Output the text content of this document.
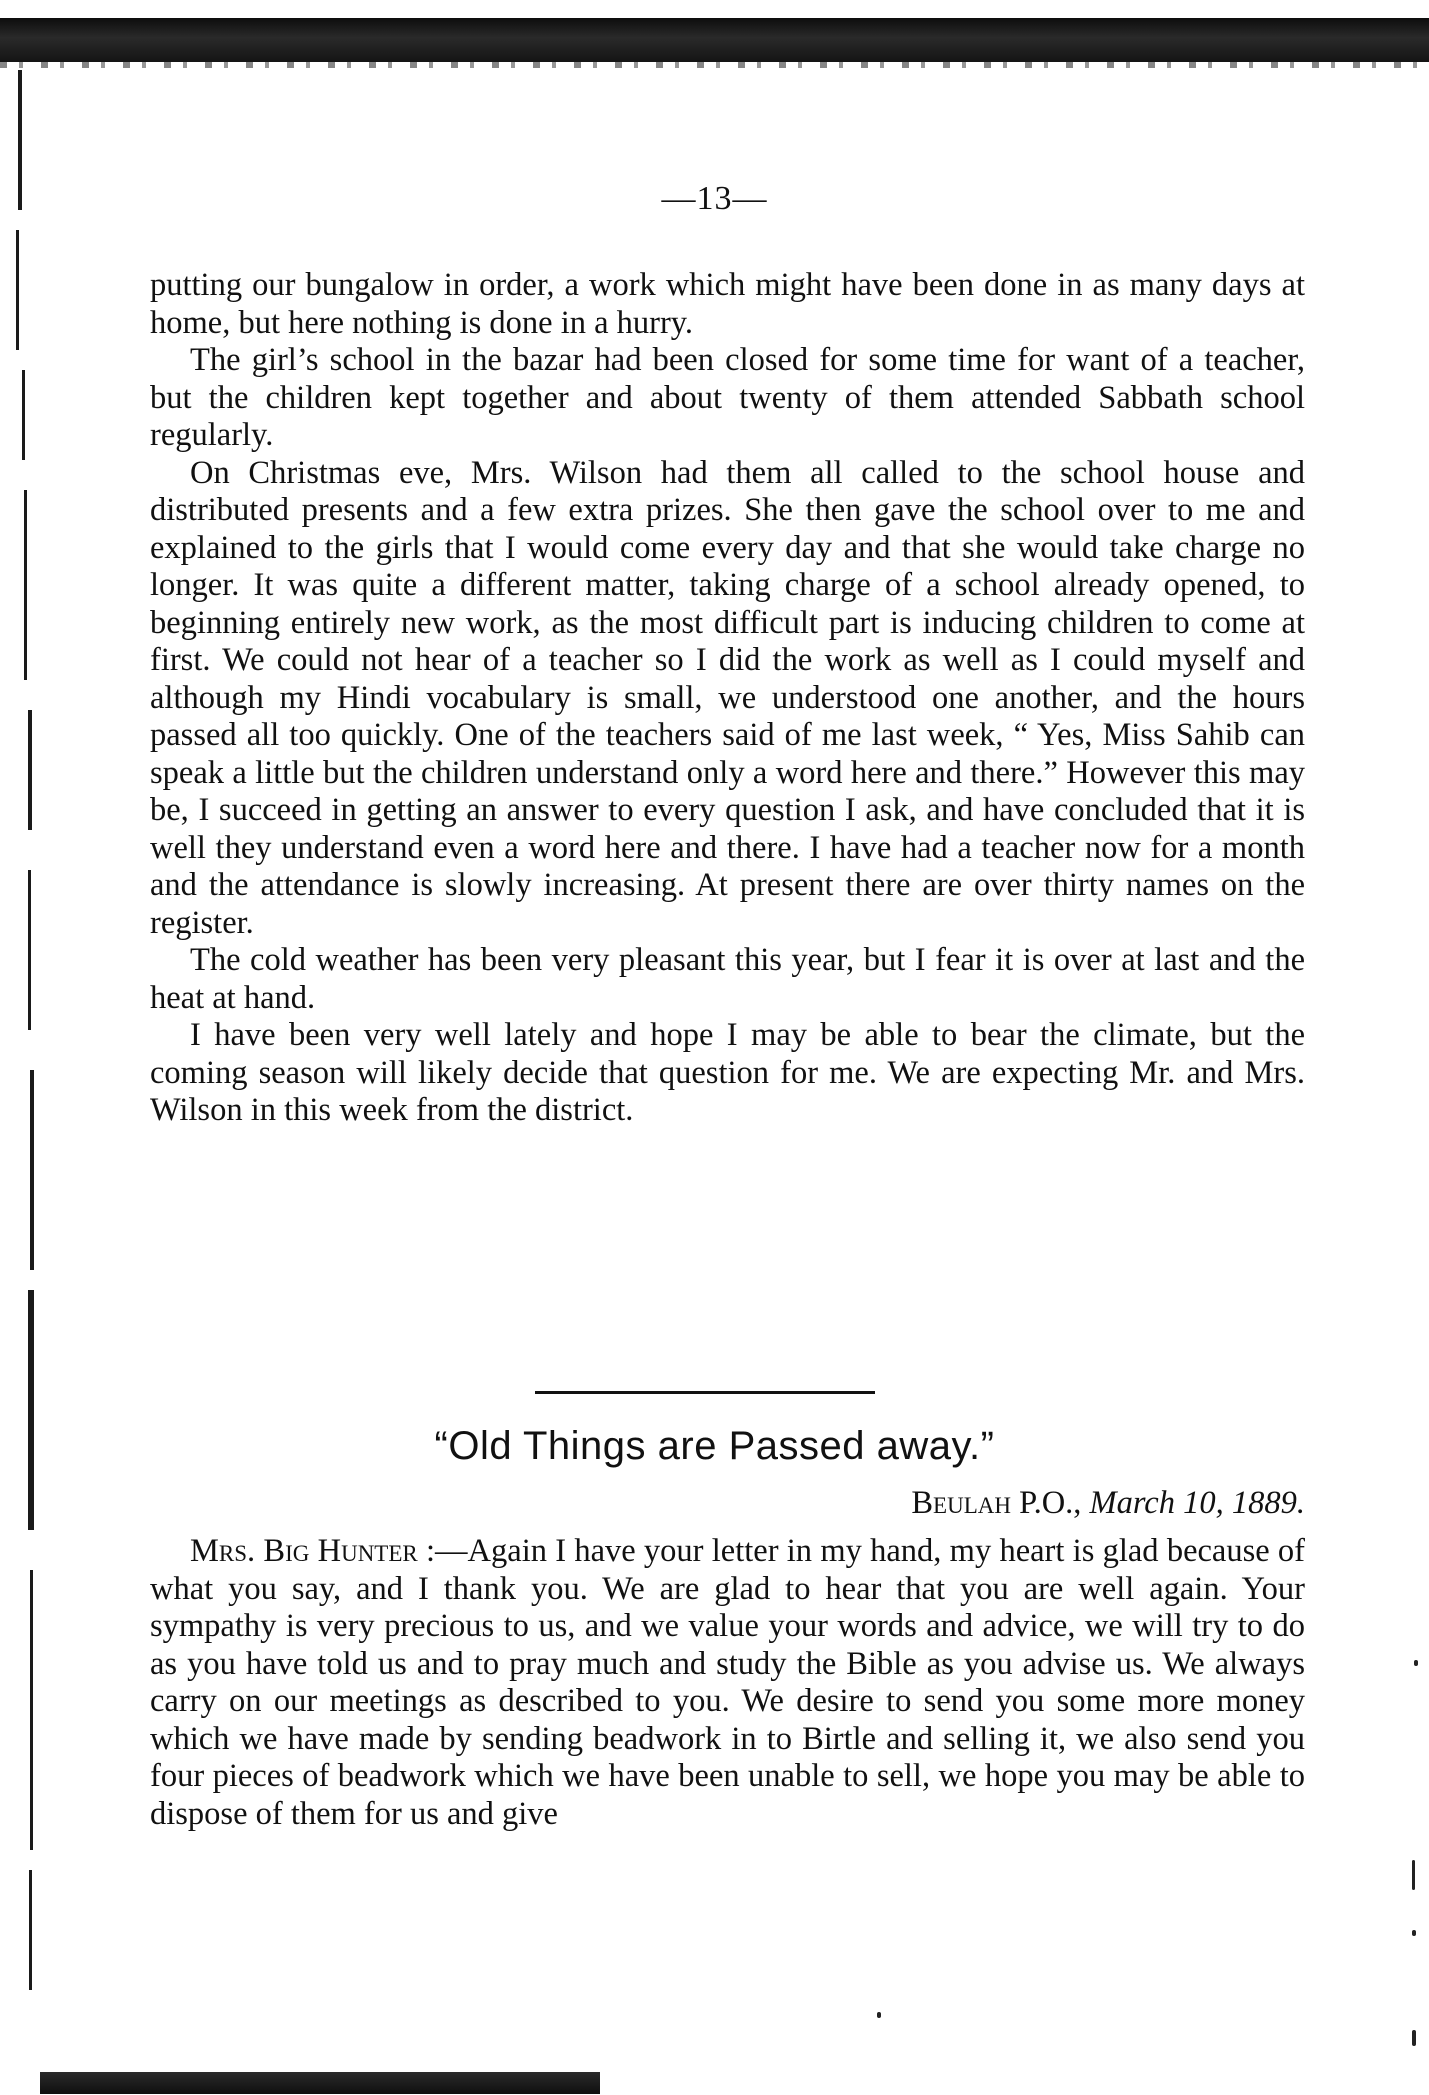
—13—

putting our bungalow in order, a work which might have been done in as many days at home, but here nothing is done in a hurry.

The girl’s school in the bazar had been closed for some time for want of a teacher, but the children kept together and about twenty of them attended Sabbath school regularly.

On Christmas eve, Mrs. Wilson had them all called to the school house and distributed presents and a few extra prizes. She then gave the school over to me and explained to the girls that I would come every day and that she would take charge no longer. It was quite a different matter, taking charge of a school already opened, to beginning entirely new work, as the most difficult part is inducing children to come at first. We could not hear of a teacher so I did the work as well as I could myself and although my Hindi vocabulary is small, we understood one another, and the hours passed all too quickly. One of the teachers said of me last week, “ Yes, Miss Sahib can speak a little but the children understand only a word here and there.” However this may be, I succeed in getting an answer to every question I ask, and have concluded that it is well they understand even a word here and there. I have had a teacher now for a month and the attendance is slowly increasing. At present there are over thirty names on the register.

The cold weather has been very pleasant this year, but I fear it is over at last and the heat at hand.

I have been very well lately and hope I may be able to bear the climate, but the coming season will likely decide that question for me. We are expecting Mr. and Mrs. Wilson in this week from the district.

“Old Things are Passed away.”

Beulah P.O., March 10, 1889.

Mrs. Big Hunter :—Again I have your letter in my hand, my heart is glad because of what you say, and I thank you. We are glad to hear that you are well again. Your sympathy is very precious to us, and we value your words and advice, we will try to do as you have told us and to pray much and study the Bible as you advise us. We always carry on our meetings as described to you. We desire to send you some more money which we have made by sending beadwork in to Birtle and selling it, we also send you four pieces of beadwork which we have been unable to sell, we hope you may be able to dispose of them for us and give
